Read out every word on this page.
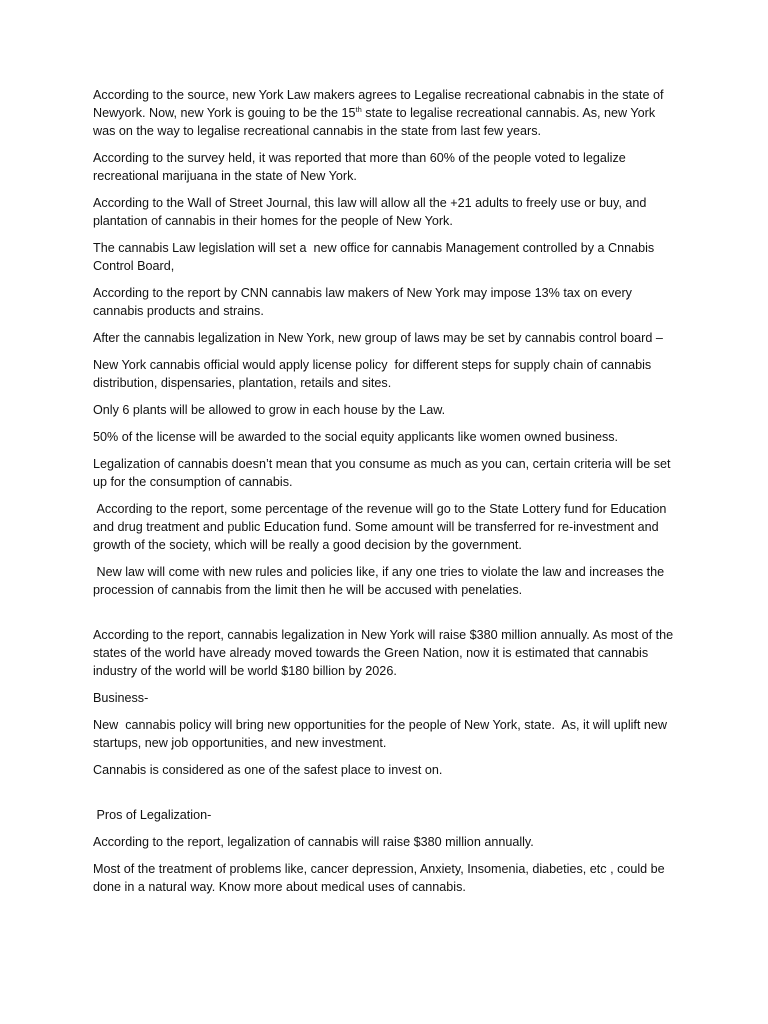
According to the source, new York Law makers agrees to Legalise recreational cabnabis in the state of Newyork. Now, new York is gouing to be the 15th state to legalise recreational cannabis. As, new York was on the way to legalise recreational cannabis in the state from last few years.

According to the survey held, it was reported that more than 60% of the people voted to legalize recreational marijuana in the state of New York.

According to the Wall of Street Journal, this law will allow all the +21 adults to freely use or buy, and plantation of cannabis in their homes for the people of New York.

The cannabis Law legislation will set a  new office for cannabis Management controlled by a Cnnabis Control Board,

According to the report by CNN cannabis law makers of New York may impose 13% tax on every cannabis products and strains.

After the cannabis legalization in New York, new group of laws may be set by cannabis control board –

New York cannabis official would apply license policy  for different steps for supply chain of cannabis distribution, dispensaries, plantation, retails and sites.

Only 6 plants will be allowed to grow in each house by the Law.

50% of the license will be awarded to the social equity applicants like women owned business.

Legalization of cannabis doesn’t mean that you consume as much as you can, certain criteria will be set up for the consumption of cannabis.

According to the report, some percentage of the revenue will go to the State Lottery fund for Education and drug treatment and public Education fund. Some amount will be transferred for re-investment and growth of the society, which will be really a good decision by the government.

New law will come with new rules and policies like, if any one tries to violate the law and increases the procession of cannabis from the limit then he will be accused with penelaties.

According to the report, cannabis legalization in New York will raise $380 million annually. As most of the states of the world have already moved towards the Green Nation, now it is estimated that cannabis industry of the world will be world $180 billion by 2026.

Business-

New  cannabis policy will bring new opportunities for the people of New York, state.  As, it will uplift new startups, new job opportunities, and new investment.

Cannabis is considered as one of the safest place to invest on.

Pros of Legalization-

According to the report, legalization of cannabis will raise $380 million annually.

Most of the treatment of problems like, cancer depression, Anxiety, Insomenia, diabeties, etc , could be done in a natural way. Know more about medical uses of cannabis.
